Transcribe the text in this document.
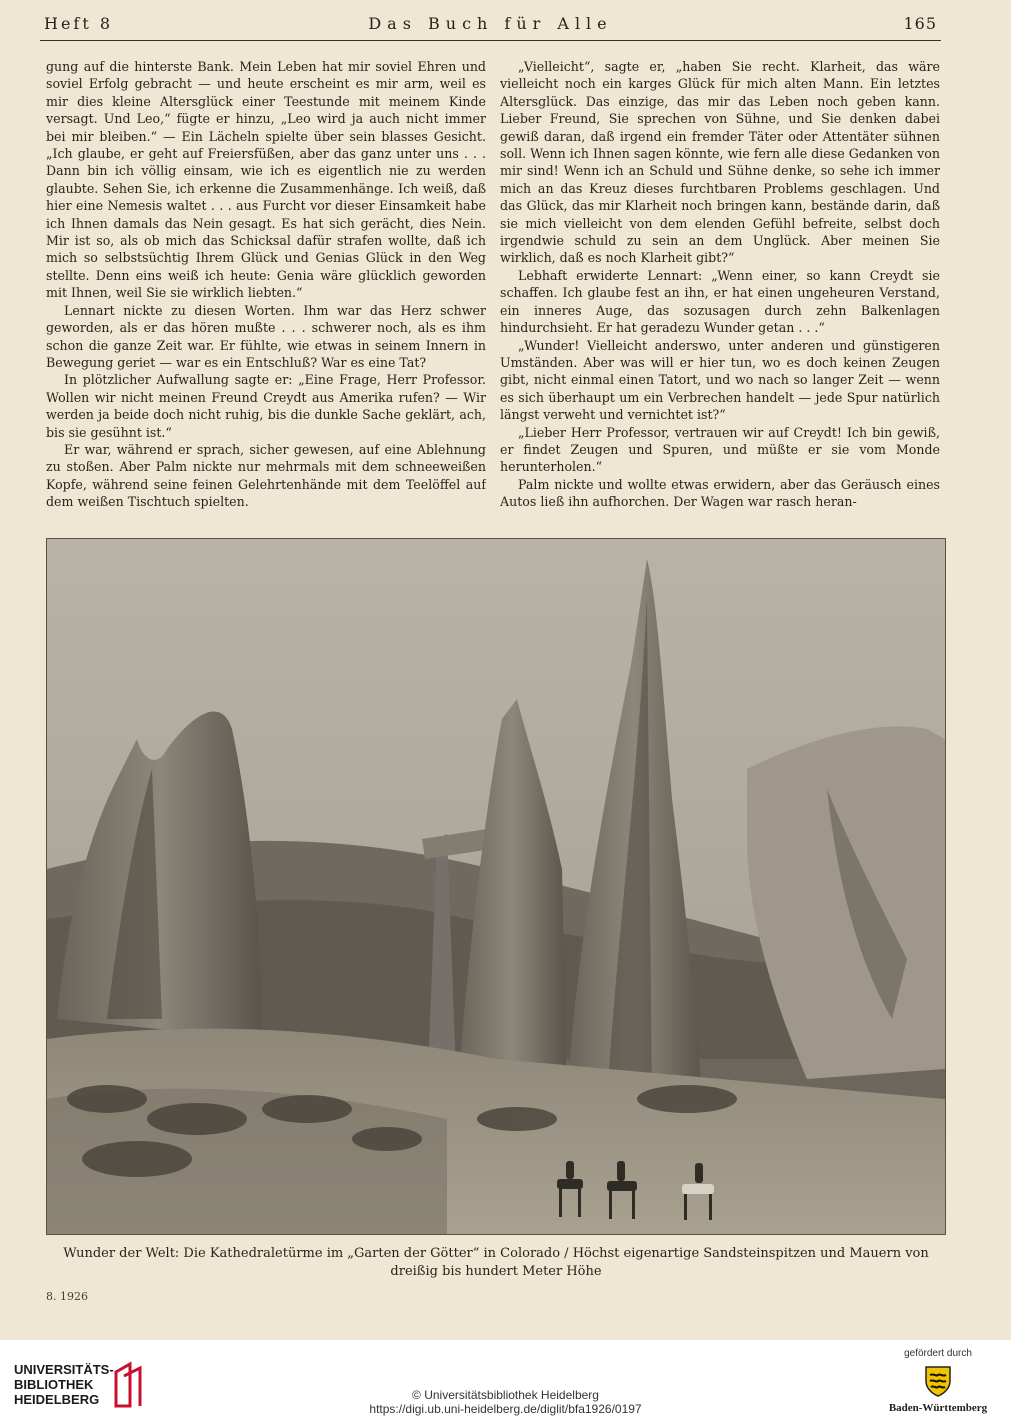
Heft 8	Das Buch für Alle	165

gung auf die hinterste Bank. Mein Leben hat mir soviel Ehren und soviel Erfolg gebracht — und heute erscheint es mir arm, weil es mir dies kleine Altersglück einer Teestunde mit meinem Kinde versagt. Und Leo,“ fügte er hinzu, „Leo wird ja auch nicht immer bei mir bleiben.“ — Ein Lächeln spielte über sein blasses Gesicht. „Ich glaube, er geht auf Freiersfüßen, aber das ganz unter uns . . . Dann bin ich völlig einsam, wie ich es eigentlich nie zu werden glaubte. Sehen Sie, ich erkenne die Zusammenhänge. Ich weiß, daß hier eine Nemesis waltet . . . aus Furcht vor dieser Einsamkeit habe ich Ihnen damals das Nein gesagt. Es hat sich gerächt, dies Nein. Mir ist so, als ob mich das Schicksal dafür strafen wollte, daß ich mich so selbstsüchtig Ihrem Glück und Genias Glück in den Weg stellte. Denn eins weiß ich heute: Genia wäre glücklich geworden mit Ihnen, weil Sie sie wirklich liebten.“

Lennart nickte zu diesen Worten. Ihm war das Herz schwer geworden, als er das hören mußte . . . schwerer noch, als es ihm schon die ganze Zeit war. Er fühlte, wie etwas in seinem Innern in Bewegung geriet — war es ein Entschluß? War es eine Tat?

In plötzlicher Aufwallung sagte er: „Eine Frage, Herr Professor. Wollen wir nicht meinen Freund Creydt aus Amerika rufen? — Wir werden ja beide doch nicht ruhig, bis die dunkle Sache geklärt, ach, bis sie gesühnt ist.“

Er war, während er sprach, sicher gewesen, auf eine Ablehnung zu stoßen. Aber Palm nickte nur mehrmals mit dem schneeweißen Kopfe, während seine feinen Gelehrtenhände mit dem Teelöffel auf dem weißen Tischtuch spielten.

„Vielleicht“, sagte er, „haben Sie recht. Klarheit, das wäre vielleicht noch ein karges Glück für mich alten Mann. Ein letztes Altersglück. Das einzige, das mir das Leben noch geben kann. Lieber Freund, Sie sprechen von Sühne, und Sie denken dabei gewiß daran, daß irgend ein fremder Täter oder Attentäter sühnen soll. Wenn ich Ihnen sagen könnte, wie fern alle diese Gedanken von mir sind! Wenn ich an Schuld und Sühne denke, so sehe ich immer mich an das Kreuz dieses furchtbaren Problems geschlagen. Und das Glück, das mir Klarheit noch bringen kann, bestände darin, daß sie mich vielleicht von dem elenden Gefühl befreite, selbst doch irgendwie schuld zu sein an dem Unglück. Aber meinen Sie wirklich, daß es noch Klarheit gibt?“

Lebhaft erwiderte Lennart: „Wenn einer, so kann Creydt sie schaffen. Ich glaube fest an ihn, er hat einen ungeheuren Verstand, ein inneres Auge, das sozusagen durch zehn Balkenlagen hindurchsieht. Er hat geradezu Wunder getan . . .“

„Wunder! Vielleicht anderswo, unter anderen und günstigeren Umständen. Aber was will er hier tun, wo es doch keinen Zeugen gibt, nicht einmal einen Tatort, und wo nach so langer Zeit — wenn es sich überhaupt um ein Verbrechen handelt — jede Spur natürlich längst verweht und vernichtet ist?“

„Lieber Herr Professor, vertrauen wir auf Creydt! Ich bin gewiß, er findet Zeugen und Spuren, und müßte er sie vom Monde herunterholen.“

Palm nickte und wollte etwas erwidern, aber das Geräusch eines Autos ließ ihn aufhorchen. Der Wagen war rasch heran-

Wunder der Welt: Die Kathedraletürme im „Garten der Götter“ in Colorado / Höchst eigenartige Sandsteinspitzen und Mauern von dreißig bis hundert Meter Höhe
8. 1926
UNIVERSITÄTS-
BIBLIOTHEK
HEIDELBERG	© Universitätsbibliothek Heidelberg
https://digi.ub.uni-heidelberg.de/diglit/bfa1926/0197
gefördert durch
Baden-Württemberg
